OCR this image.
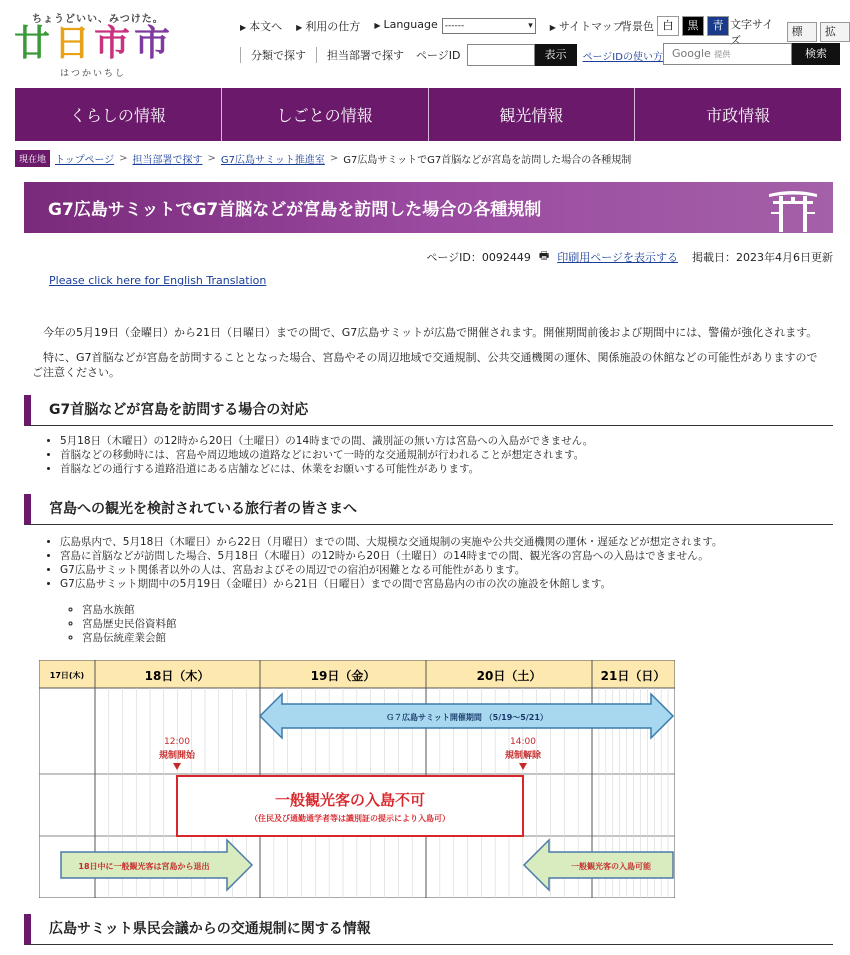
ちょうどいい、みつけた。
廿日市市
はつかいちし
▶ 本文へ ▶ 利用の仕方 ▶ Language ------	▾ ▶ サイトマップ
背景色 白	黒	青 文字サイズ
標	拡
分類で探す	担当部署で探す	ページID	表示	ページIDの使い方 Google 提供	検索
くらしの情報	しごとの情報	観光情報	市政情報
現在地 トップページ > 担当部署で探す > G7広島サミット推進室 > G7広島サミットでG7首脳などが宮島を訪問した場合の各種規制
G7広島サミットでG7首脳などが宮島を訪問した場合の各種規制
ページID：0092449 🖶 印刷用ページを表示する 掲載日：2023年4月6日更新
Please click here for English Translation
今年の5月19日（金曜日）から21日（日曜日）までの間で、G7広島サミットが広島で開催されます。開催期間前後および期間中には、警備が強化されます。
特に、G7首脳などが宮島を訪問することとなった場合、宮島やその周辺地域で交通規制、公共交通機関の運休、関係施設の休館などの可能性がありますのでご注意ください。
G7首脳などが宮島を訪問する場合の対応
• 5月18日（木曜日）の12時から20日（土曜日）の14時までの間、識別証の無い方は宮島への入島ができません。
• 首脳などの移動時には、宮島や周辺地域の道路などにおいて一時的な交通規制が行われることが想定されます。
• 首脳などの通行する道路沿道にある店舗などには、休業をお願いする可能性があります。
宮島への観光を検討されている旅行者の皆さまへ
• 広島県内で、5月18日（木曜日）から22日（月曜日）までの間、大規模な交通規制の実施や公共交通機関の運休・遅延などが想定されます。
• 宮島に首脳などが訪問した場合、5月18日（木曜日）の12時から20日（土曜日）の14時までの間、観光客の宮島への入島はできません。
• G7広島サミット関係者以外の人は、宮島およびその周辺での宿泊が困難となる可能性があります。
• G7広島サミット期間中の5月19日（金曜日）から21日（日曜日）までの間で宮島島内の市の次の施設を休館します。
◦ 宮島水族館
◦ 宮島歴史民俗資料館
◦ 宮島伝統産業会館
17日(木)	18日（木）	19日（金）	20日（土）	21日（日）
Ｇ７広島サミット開催期間 （5/19～5/21）
12:00
規制開始
14:00
規制解除
一般観光客の入島不可
（住民及び通勤通学者等は識別証の提示により入島可）
18日中に一般観光客は宮島から退出	一般観光客の入島可能
広島サミット県民会議からの交通規制に関する情報
